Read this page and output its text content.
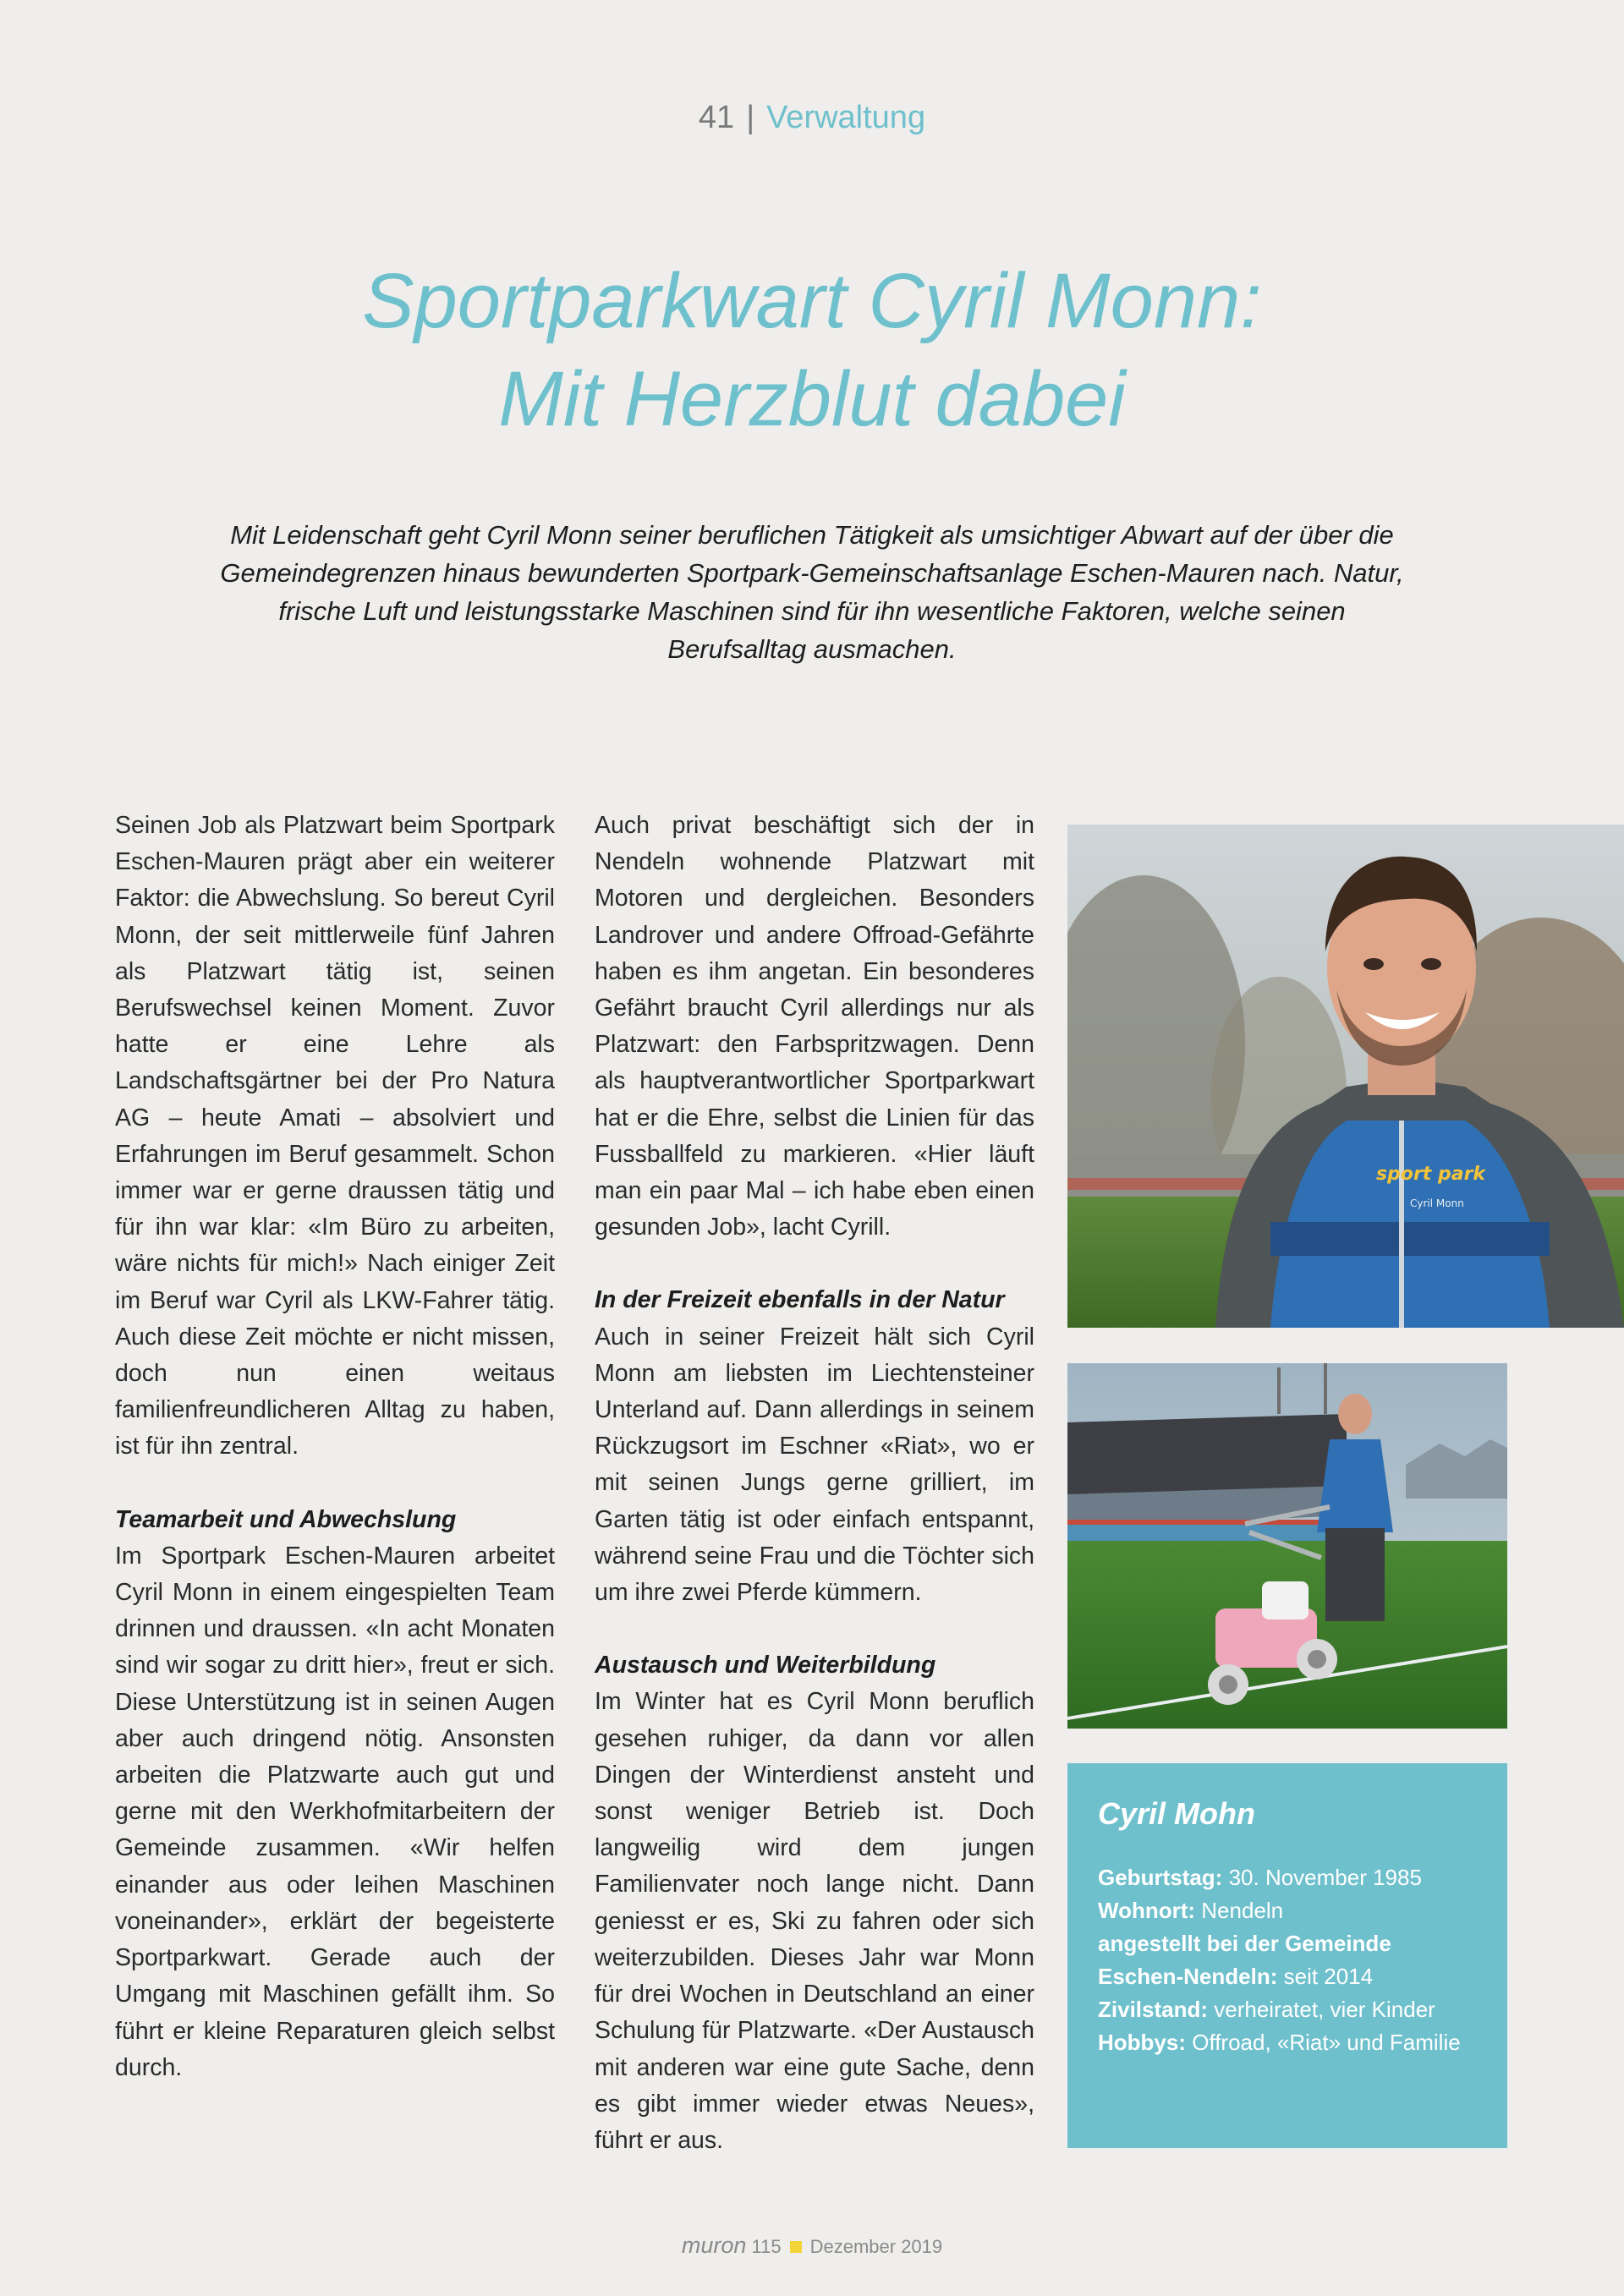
41 | Verwaltung
Sportparkwart Cyril Monn:
Mit Herzblut dabei
Mit Leidenschaft geht Cyril Monn seiner beruflichen Tätigkeit als umsichtiger Abwart auf der über die Gemeindegrenzen hinaus bewunderten Sportpark-Gemeinschaftsanlage Eschen-Mauren nach. Natur, frische Luft und leistungsstarke Maschinen sind für ihn wesentliche Faktoren, welche seinen Berufsalltag ausmachen.

Seinen Job als Platzwart beim Sportpark Eschen-Mauren prägt aber ein weiterer Faktor: die Abwechslung. So bereut Cyril Monn, der seit mittlerweile fünf Jahren als Platzwart tätig ist, seinen Berufswechsel keinen Moment. Zuvor hatte er eine Lehre als Landschaftsgärtner bei der Pro Natura AG – heute Amati – absolviert und Erfahrungen im Beruf gesammelt. Schon immer war er gerne draussen tätig und für ihn war klar: «Im Büro zu arbeiten, wäre nichts für mich!» Nach einiger Zeit im Beruf war Cyril als LKW-Fahrer tätig. Auch diese Zeit möchte er nicht missen, doch nun einen weitaus familienfreundlicheren Alltag zu haben, ist für ihn zentral.

Teamarbeit und Abwechslung

Im Sportpark Eschen-Mauren arbeitet Cyril Monn in einem eingespielten Team drinnen und draussen. «In acht Monaten sind wir sogar zu dritt hier», freut er sich. Diese Unterstützung ist in seinen Augen aber auch dringend nötig. Ansonsten arbeiten die Platzwarte auch gut und gerne mit den Werkhofmitarbeitern der Gemeinde zusammen. «Wir helfen einander aus oder leihen Maschinen voneinander», erklärt der begeisterte Sportparkwart. Gerade auch der Umgang mit Maschinen gefällt ihm. So führt er kleine Reparaturen gleich selbst durch.

Auch privat beschäftigt sich der in Nendeln wohnende Platzwart mit Motoren und dergleichen. Besonders Landrover und andere Offroad-Gefährte haben es ihm angetan. Ein besonderes Gefährt braucht Cyril allerdings nur als Platzwart: den Farbspritzwagen. Denn als hauptverantwortlicher Sportparkwart hat er die Ehre, selbst die Linien für das Fussballfeld zu markieren. «Hier läuft man ein paar Mal – ich habe eben einen gesunden Job», lacht Cyrill.

In der Freizeit ebenfalls in der Natur

Auch in seiner Freizeit hält sich Cyril Monn am liebsten im Liechtensteiner Unterland auf. Dann allerdings in seinem Rückzugsort im Eschner «Riat», wo er mit seinen Jungs gerne grilliert, im Garten tätig ist oder einfach entspannt, während seine Frau und die Töchter sich um ihre zwei Pferde kümmern.

Austausch und Weiterbildung

Im Winter hat es Cyril Monn beruflich gesehen ruhiger, da dann vor allen Dingen der Winterdienst ansteht und sonst weniger Betrieb ist. Doch langweilig wird dem jungen Familienvater noch lange nicht. Dann geniesst er es, Ski zu fahren oder sich weiterzubilden. Dieses Jahr war Monn für drei Wochen in Deutschland an einer Schulung für Platzwarte. «Der Austausch mit anderen war eine gute Sache, denn es gibt immer wieder etwas Neues», führt er aus.

sport park
Cyril Monn
Cyril Mohn
Geburtstag: 30. November 1985
Wohnort: Nendeln
angestellt bei der Gemeinde
Eschen-Nendeln: seit 2014
Zivilstand: verheiratet, vier Kinder
Hobbys: Offroad, «Riat» und Familie
muron 115 Dezember 2019
